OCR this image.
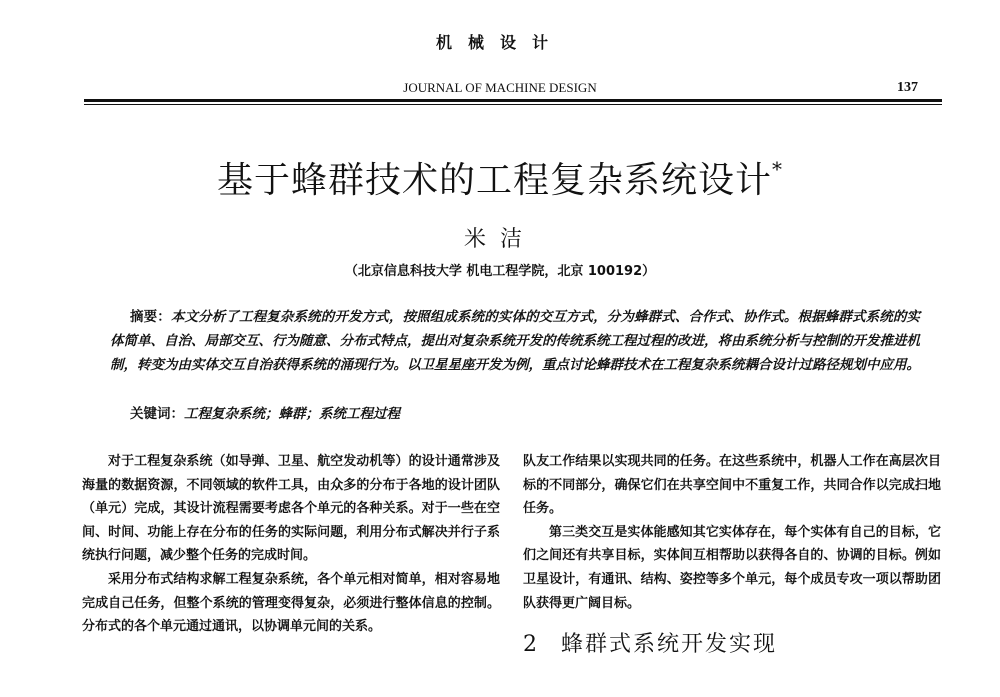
机械设计
JOURNAL OF MACHINE DESIGN	137
基于蜂群技术的工程复杂系统设计*
米洁
（北京信息科技大学 机电工程学院，北京 100192）
摘要：本文分析了工程复杂系统的开发方式，按照组成系统的实体的交互方式，分为蜂群式、合作式、协作式。根据蜂群式系统的实体简单、自治、局部交互、行为随意、分布式特点，提出对复杂系统开发的传统系统工程过程的改进，将由系统分析与控制的开发推进机制，转变为由实体交互自治获得系统的涌现行为。以卫星星座开发为例，重点讨论蜂群技术在工程复杂系统耦合设计过路径规划中应用。
关键词：工程复杂系统；蜂群；系统工程过程

对于工程复杂系统（如导弹、卫星、航空发动机等）的设计通常涉及海量的数据资源，不同领域的软件工具，由众多的分布于各地的设计团队（单元）完成，其设计流程需要考虑各个单元的各种关系。对于一些在空间、时间、功能上存在分布的任务的实际问题，利用分布式解决并行子系统执行问题，减少整个任务的完成时间。

采用分布式结构求解工程复杂系统，各个单元相对简单，相对容易地完成自己任务，但整个系统的管理变得复杂，必须进行整体信息的控制。分布式的各个单元通过通讯，以协调单元间的关系。

队友工作结果以实现共同的任务。在这些系统中，机器人工作在高层次目标的不同部分，确保它们在共享空间中不重复工作，共同合作以完成扫地任务。

第三类交互是实体能感知其它实体存在，每个实体有自己的目标，它们之间还有共享目标，实体间互相帮助以获得各自的、协调的目标。例如卫星设计，有通讯、结构、姿控等多个单元，每个成员专攻一项以帮助团队获得更广阔目标。

2 蜂群式系统开发实现
